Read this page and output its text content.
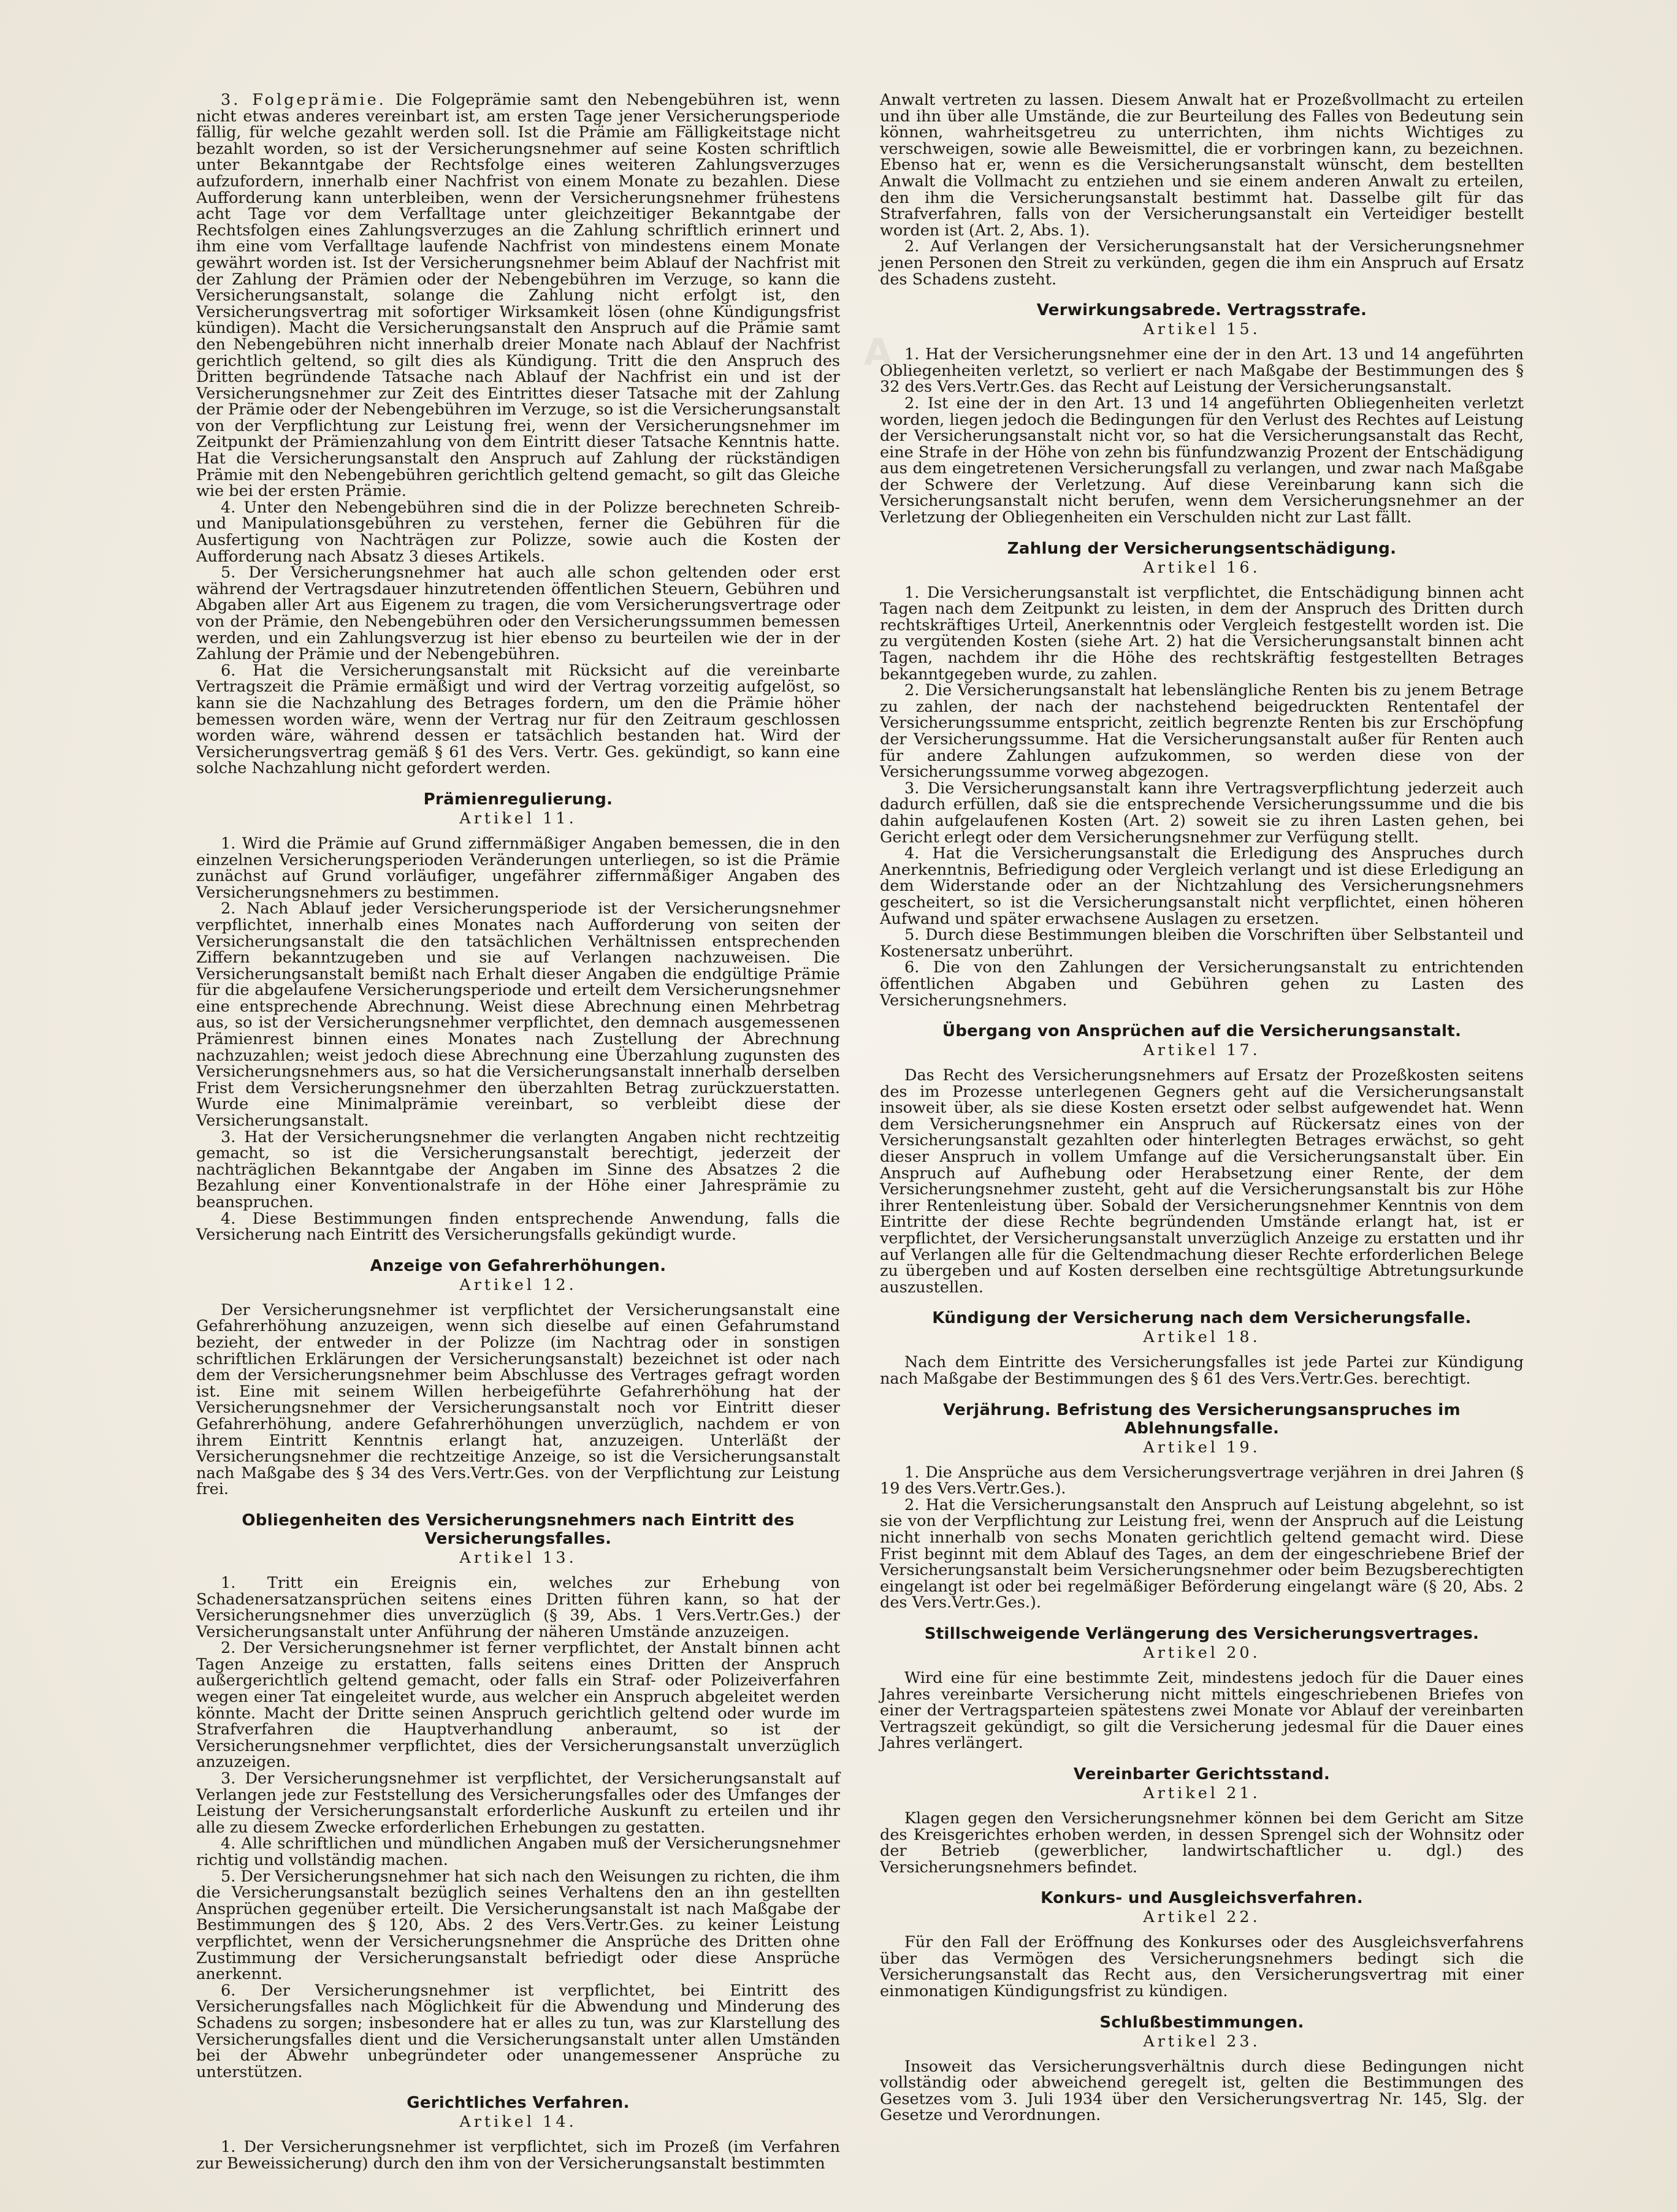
A

3. Folgeprämie. Die Folgeprämie samt den Nebengebühren ist, wenn nicht etwas anderes vereinbart ist, am ersten Tage jener Versicherungsperiode fällig, für welche gezahlt werden soll. Ist die Prämie am Fälligkeitstage nicht bezahlt worden, so ist der Versicherungsnehmer auf seine Kosten schriftlich unter Bekanntgabe der Rechtsfolge eines weiteren Zahlungsverzuges aufzufordern, innerhalb einer Nachfrist von einem Monate zu bezahlen. Diese Aufforderung kann unterbleiben, wenn der Versicherungsnehmer frühestens acht Tage vor dem Verfalltage unter gleichzeitiger Bekanntgabe der Rechtsfolgen eines Zahlungsverzuges an die Zahlung schriftlich erinnert und ihm eine vom Verfalltage laufende Nachfrist von mindestens einem Monate gewährt worden ist. Ist der Versicherungsnehmer beim Ablauf der Nachfrist mit der Zahlung der Prämien oder der Nebengebühren im Verzuge, so kann die Versicherungsanstalt, solange die Zahlung nicht erfolgt ist, den Versicherungsvertrag mit sofortiger Wirksamkeit lösen (ohne Kündigungsfrist kündigen). Macht die Versicherungsanstalt den Anspruch auf die Prämie samt den Nebengebühren nicht innerhalb dreier Monate nach Ablauf der Nachfrist gerichtlich geltend, so gilt dies als Kündigung. Tritt die den Anspruch des Dritten begründende Tatsache nach Ablauf der Nachfrist ein und ist der Versicherungsnehmer zur Zeit des Eintrittes dieser Tatsache mit der Zahlung der Prämie oder der Nebengebühren im Verzuge, so ist die Versicherungsanstalt von der Verpflichtung zur Leistung frei, wenn der Versicherungsnehmer im Zeitpunkt der Prämienzahlung von dem Eintritt dieser Tatsache Kenntnis hatte. Hat die Versicherungsanstalt den Anspruch auf Zahlung der rückständigen Prämie mit den Nebengebühren gerichtlich geltend gemacht, so gilt das Gleiche wie bei der ersten Prämie.

4. Unter den Nebengebühren sind die in der Polizze berechneten Schreib- und Manipulationsgebühren zu verstehen, ferner die Gebühren für die Ausfertigung von Nachträgen zur Polizze, sowie auch die Kosten der Aufforderung nach Absatz 3 dieses Artikels.

5. Der Versicherungsnehmer hat auch alle schon geltenden oder erst während der Vertragsdauer hinzutretenden öffentlichen Steuern, Gebühren und Abgaben aller Art aus Eigenem zu tragen, die vom Versicherungsvertrage oder von der Prämie, den Nebengebühren oder den Versicherungssummen bemessen werden, und ein Zahlungsverzug ist hier ebenso zu beurteilen wie der in der Zahlung der Prämie und der Nebengebühren.

6. Hat die Versicherungsanstalt mit Rücksicht auf die vereinbarte Vertragszeit die Prämie ermäßigt und wird der Vertrag vorzeitig aufgelöst, so kann sie die Nachzahlung des Betrages fordern, um den die Prämie höher bemessen worden wäre, wenn der Vertrag nur für den Zeitraum geschlossen worden wäre, während dessen er tatsächlich bestanden hat. Wird der Versicherungsvertrag gemäß § 61 des Vers. Vertr. Ges. gekündigt, so kann eine solche Nachzahlung nicht gefordert werden.

Prämienregulierung.
Artikel 11.

1. Wird die Prämie auf Grund ziffernmäßiger Angaben bemessen, die in den einzelnen Versicherungsperioden Veränderungen unterliegen, so ist die Prämie zunächst auf Grund vorläufiger, ungefährer ziffernmäßiger Angaben des Versicherungsnehmers zu bestimmen.

2. Nach Ablauf jeder Versicherungsperiode ist der Versicherungsnehmer verpflichtet, innerhalb eines Monates nach Aufforderung von seiten der Versicherungsanstalt die den tatsächlichen Verhältnissen entsprechenden Ziffern bekanntzugeben und sie auf Verlangen nachzuweisen. Die Versicherungsanstalt bemißt nach Erhalt dieser Angaben die endgültige Prämie für die abgelaufene Versicherungsperiode und erteilt dem Versicherungsnehmer eine entsprechende Abrechnung. Weist diese Abrechnung einen Mehrbetrag aus, so ist der Versicherungsnehmer verpflichtet, den demnach ausgemessenen Prämienrest binnen eines Monates nach Zustellung der Abrechnung nachzuzahlen; weist jedoch diese Abrechnung eine Überzahlung zugunsten des Versicherungsnehmers aus, so hat die Versicherungsanstalt innerhalb derselben Frist dem Versicherungsnehmer den überzahlten Betrag zurückzuerstatten. Wurde eine Minimalprämie vereinbart, so verbleibt diese der Versicherungsanstalt.

3. Hat der Versicherungsnehmer die verlangten Angaben nicht rechtzeitig gemacht, so ist die Versicherungsanstalt berechtigt, jederzeit der nachträglichen Bekanntgabe der Angaben im Sinne des Absatzes 2 die Bezahlung einer Konventionalstrafe in der Höhe einer Jahresprämie zu beanspruchen.

4. Diese Bestimmungen finden entsprechende Anwendung, falls die Versicherung nach Eintritt des Versicherungsfalls gekündigt wurde.

Anzeige von Gefahrerhöhungen.
Artikel 12.

Der Versicherungsnehmer ist verpflichtet der Versicherungsanstalt eine Gefahrerhöhung anzuzeigen, wenn sich dieselbe auf einen Gefahrumstand bezieht, der entweder in der Polizze (im Nachtrag oder in sonstigen schriftlichen Erklärungen der Versicherungsanstalt) bezeichnet ist oder nach dem der Versicherungsnehmer beim Abschlusse des Vertrages gefragt worden ist. Eine mit seinem Willen herbeigeführte Gefahrerhöhung hat der Versicherungsnehmer der Versicherungsanstalt noch vor Eintritt dieser Gefahrerhöhung, andere Gefahrerhöhungen unverzüglich, nachdem er von ihrem Eintritt Kenntnis erlangt hat, anzuzeigen. Unterläßt der Versicherungsnehmer die rechtzeitige Anzeige, so ist die Versicherungsanstalt nach Maßgabe des § 34 des Vers.Vertr.Ges. von der Verpflichtung zur Leistung frei.

Obliegenheiten des Versicherungsnehmers nach Eintritt des Versicherungsfalles.
Artikel 13.

1. Tritt ein Ereignis ein, welches zur Erhebung von Schadenersatzansprüchen seitens eines Dritten führen kann, so hat der Versicherungsnehmer dies unverzüglich (§ 39, Abs. 1 Vers.Vertr.Ges.) der Versicherungsanstalt unter Anführung der näheren Umstände anzuzeigen.

2. Der Versicherungsnehmer ist ferner verpflichtet, der Anstalt binnen acht Tagen Anzeige zu erstatten, falls seitens eines Dritten der Anspruch außergerichtlich geltend gemacht, oder falls ein Straf- oder Polizeiverfahren wegen einer Tat eingeleitet wurde, aus welcher ein Anspruch abgeleitet werden könnte. Macht der Dritte seinen Anspruch gerichtlich geltend oder wurde im Strafverfahren die Hauptverhandlung anberaumt, so ist der Versicherungsnehmer verpflichtet, dies der Versicherungsanstalt unverzüglich anzuzeigen.

3. Der Versicherungsnehmer ist verpflichtet, der Versicherungsanstalt auf Verlangen jede zur Feststellung des Versicherungsfalles oder des Umfanges der Leistung der Versicherungsanstalt erforderliche Auskunft zu erteilen und ihr alle zu diesem Zwecke erforderlichen Erhebungen zu gestatten.

4. Alle schriftlichen und mündlichen Angaben muß der Versicherungsnehmer richtig und vollständig machen.

5. Der Versicherungsnehmer hat sich nach den Weisungen zu richten, die ihm die Versicherungsanstalt bezüglich seines Verhaltens den an ihn gestellten Ansprüchen gegenüber erteilt. Die Versicherungsanstalt ist nach Maßgabe der Bestimmungen des § 120, Abs. 2 des Vers.Vertr.Ges. zu keiner Leistung verpflichtet, wenn der Versicherungsnehmer die Ansprüche des Dritten ohne Zustimmung der Versicherungsanstalt befriedigt oder diese Ansprüche anerkennt.

6. Der Versicherungsnehmer ist verpflichtet, bei Eintritt des Versicherungsfalles nach Möglichkeit für die Abwendung und Minderung des Schadens zu sorgen; insbesondere hat er alles zu tun, was zur Klarstellung des Versicherungsfalles dient und die Versicherungsanstalt unter allen Umständen bei der Abwehr unbegründeter oder unangemessener Ansprüche zu unterstützen.

Gerichtliches Verfahren.
Artikel 14.

1. Der Versicherungsnehmer ist verpflichtet, sich im Prozeß (im Verfahren zur Beweissicherung) durch den ihm von der Versicherungsanstalt bestimmten

Anwalt vertreten zu lassen. Diesem Anwalt hat er Prozeßvollmacht zu erteilen und ihn über alle Umstände, die zur Beurteilung des Falles von Bedeutung sein können, wahrheitsgetreu zu unterrichten, ihm nichts Wichtiges zu verschweigen, sowie alle Beweismittel, die er vorbringen kann, zu bezeichnen. Ebenso hat er, wenn es die Versicherungsanstalt wünscht, dem bestellten Anwalt die Vollmacht zu entziehen und sie einem anderen Anwalt zu erteilen, den ihm die Versicherungsanstalt bestimmt hat. Dasselbe gilt für das Strafverfahren, falls von der Versicherungsanstalt ein Verteidiger bestellt worden ist (Art. 2, Abs. 1).

2. Auf Verlangen der Versicherungsanstalt hat der Versicherungsnehmer jenen Personen den Streit zu verkünden, gegen die ihm ein Anspruch auf Ersatz des Schadens zusteht.

Verwirkungsabrede. Vertragsstrafe.
Artikel 15.

1. Hat der Versicherungsnehmer eine der in den Art. 13 und 14 angeführten Obliegenheiten verletzt, so verliert er nach Maßgabe der Bestimmungen des § 32 des Vers.Vertr.Ges. das Recht auf Leistung der Versicherungsanstalt.

2. Ist eine der in den Art. 13 und 14 angeführten Obliegenheiten verletzt worden, liegen jedoch die Bedingungen für den Verlust des Rechtes auf Leistung der Versicherungsanstalt nicht vor, so hat die Versicherungsanstalt das Recht, eine Strafe in der Höhe von zehn bis fünfundzwanzig Prozent der Entschädigung aus dem eingetretenen Versicherungsfall zu verlangen, und zwar nach Maßgabe der Schwere der Verletzung. Auf diese Vereinbarung kann sich die Versicherungsanstalt nicht berufen, wenn dem Versicherungsnehmer an der Verletzung der Obliegenheiten ein Verschulden nicht zur Last fällt.

Zahlung der Versicherungsentschädigung.
Artikel 16.

1. Die Versicherungsanstalt ist verpflichtet, die Entschädigung binnen acht Tagen nach dem Zeitpunkt zu leisten, in dem der Anspruch des Dritten durch rechtskräftiges Urteil, Anerkenntnis oder Vergleich festgestellt worden ist. Die zu vergütenden Kosten (siehe Art. 2) hat die Versicherungsanstalt binnen acht Tagen, nachdem ihr die Höhe des rechtskräftig festgestellten Betrages bekanntgegeben wurde, zu zahlen.

2. Die Versicherungsanstalt hat lebenslängliche Renten bis zu jenem Betrage zu zahlen, der nach der nachstehend beigedruckten Rententafel der Versicherungssumme entspricht, zeitlich begrenzte Renten bis zur Erschöpfung der Versicherungssumme. Hat die Versicherungsanstalt außer für Renten auch für andere Zahlungen aufzukommen, so werden diese von der Versicherungssumme vorweg abgezogen.

3. Die Versicherungsanstalt kann ihre Vertragsverpflichtung jederzeit auch dadurch erfüllen, daß sie die entsprechende Versicherungssumme und die bis dahin aufgelaufenen Kosten (Art. 2) soweit sie zu ihren Lasten gehen, bei Gericht erlegt oder dem Versicherungsnehmer zur Verfügung stellt.

4. Hat die Versicherungsanstalt die Erledigung des Anspruches durch Anerkenntnis, Befriedigung oder Vergleich verlangt und ist diese Erledigung an dem Widerstande oder an der Nichtzahlung des Versicherungsnehmers gescheitert, so ist die Versicherungsanstalt nicht verpflichtet, einen höheren Aufwand und später erwachsene Auslagen zu ersetzen.

5. Durch diese Bestimmungen bleiben die Vorschriften über Selbstanteil und Kostenersatz unberührt.

6. Die von den Zahlungen der Versicherungsanstalt zu entrichtenden öffentlichen Abgaben und Gebühren gehen zu Lasten des Versicherungsnehmers.

Übergang von Ansprüchen auf die Versicherungsanstalt.
Artikel 17.

Das Recht des Versicherungsnehmers auf Ersatz der Prozeßkosten seitens des im Prozesse unterlegenen Gegners geht auf die Versicherungsanstalt insoweit über, als sie diese Kosten ersetzt oder selbst aufgewendet hat. Wenn dem Versicherungsnehmer ein Anspruch auf Rückersatz eines von der Versicherungsanstalt gezahlten oder hinterlegten Betrages erwächst, so geht dieser Anspruch in vollem Umfange auf die Versicherungsanstalt über. Ein Anspruch auf Aufhebung oder Herabsetzung einer Rente, der dem Versicherungsnehmer zusteht, geht auf die Versicherungsanstalt bis zur Höhe ihrer Rentenleistung über. Sobald der Versicherungsnehmer Kenntnis von dem Eintritte der diese Rechte begründenden Umstände erlangt hat, ist er verpflichtet, der Versicherungsanstalt unverzüglich Anzeige zu erstatten und ihr auf Verlangen alle für die Geltendmachung dieser Rechte erforderlichen Belege zu übergeben und auf Kosten derselben eine rechtsgültige Abtretungsurkunde auszustellen.

Kündigung der Versicherung nach dem Versicherungsfalle.
Artikel 18.

Nach dem Eintritte des Versicherungsfalles ist jede Partei zur Kündigung nach Maßgabe der Bestimmungen des § 61 des Vers.Vertr.Ges. berechtigt.

Verjährung. Befristung des Versicherungsanspruches im Ablehnungsfalle.
Artikel 19.

1. Die Ansprüche aus dem Versicherungsvertrage verjähren in drei Jahren (§ 19 des Vers.Vertr.Ges.).

2. Hat die Versicherungsanstalt den Anspruch auf Leistung abgelehnt, so ist sie von der Verpflichtung zur Leistung frei, wenn der Anspruch auf die Leistung nicht innerhalb von sechs Monaten gerichtlich geltend gemacht wird. Diese Frist beginnt mit dem Ablauf des Tages, an dem der eingeschriebene Brief der Versicherungsanstalt beim Versicherungsnehmer oder beim Bezugsberechtigten eingelangt ist oder bei regelmäßiger Beförderung eingelangt wäre (§ 20, Abs. 2 des Vers.Vertr.Ges.).

Stillschweigende Verlängerung des Versicherungsvertrages.
Artikel 20.

Wird eine für eine bestimmte Zeit, mindestens jedoch für die Dauer eines Jahres vereinbarte Versicherung nicht mittels eingeschriebenen Briefes von einer der Vertragsparteien spätestens zwei Monate vor Ablauf der vereinbarten Vertragszeit gekündigt, so gilt die Versicherung jedesmal für die Dauer eines Jahres verlängert.

Vereinbarter Gerichtsstand.
Artikel 21.

Klagen gegen den Versicherungsnehmer können bei dem Gericht am Sitze des Kreisgerichtes erhoben werden, in dessen Sprengel sich der Wohnsitz oder der Betrieb (gewerblicher, landwirtschaftlicher u. dgl.) des Versicherungsnehmers befindet.

Konkurs- und Ausgleichsverfahren.
Artikel 22.

Für den Fall der Eröffnung des Konkurses oder des Ausgleichsverfahrens über das Vermögen des Versicherungsnehmers bedingt sich die Versicherungsanstalt das Recht aus, den Versicherungsvertrag mit einer einmonatigen Kündigungsfrist zu kündigen.

Schlußbestimmungen.
Artikel 23.

Insoweit das Versicherungsverhältnis durch diese Bedingungen nicht vollständig oder abweichend geregelt ist, gelten die Bestimmungen des Gesetzes vom 3. Juli 1934 über den Versicherungsvertrag Nr. 145, Slg. der Gesetze und Verordnungen.
